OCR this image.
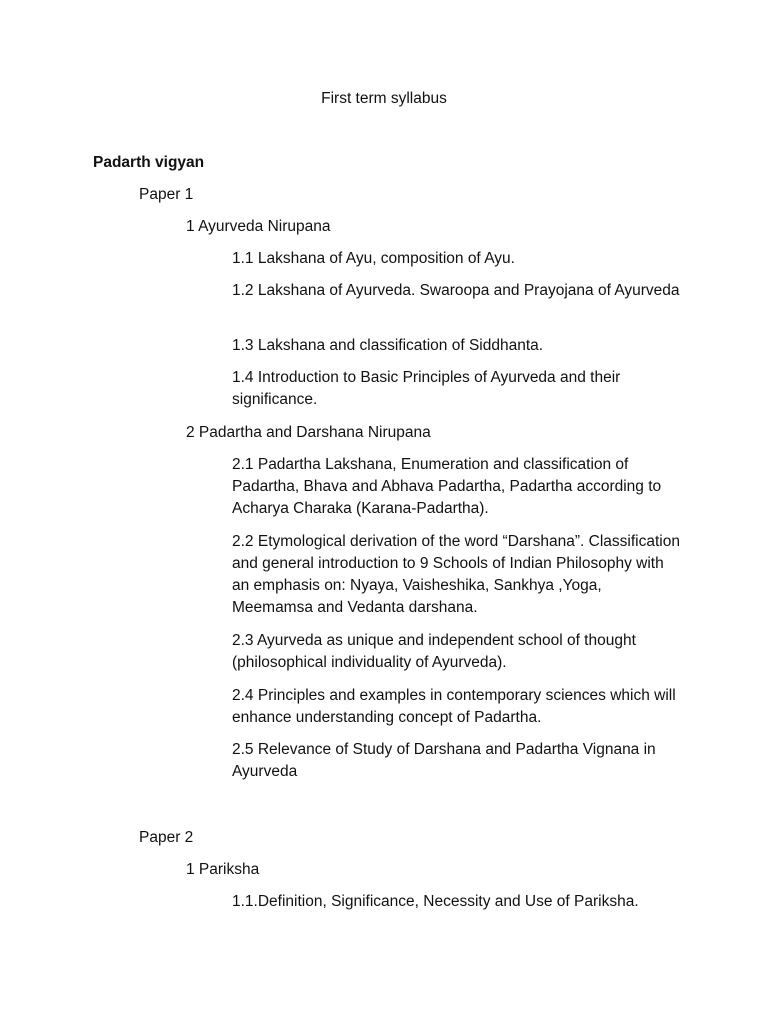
First term syllabus
Padarth vigyan
Paper 1
1 Ayurveda Nirupana
1.1 Lakshana of Ayu, composition of Ayu.
1.2 Lakshana of Ayurveda. Swaroopa and Prayojana of Ayurveda
1.3 Lakshana and classification of Siddhanta.
1.4 Introduction to Basic Principles of Ayurveda and their significance.
2 Padartha and Darshana Nirupana
2.1 Padartha Lakshana, Enumeration and classification of Padartha, Bhava and Abhava Padartha, Padartha according to Acharya Charaka (Karana-Padartha).
2.2 Etymological derivation of the word “Darshana”. Classification and general introduction to 9 Schools of Indian Philosophy with an emphasis on: Nyaya, Vaisheshika, Sankhya ,Yoga, Meemamsa and Vedanta darshana.
2.3 Ayurveda as unique and independent school of thought (philosophical individuality of Ayurveda).
2.4 Principles and examples in contemporary sciences which will enhance understanding concept of Padartha.
2.5 Relevance of Study of Darshana and Padartha Vignana in Ayurveda
Paper 2
1 Pariksha
1.1.Definition, Significance, Necessity and Use of Pariksha.
